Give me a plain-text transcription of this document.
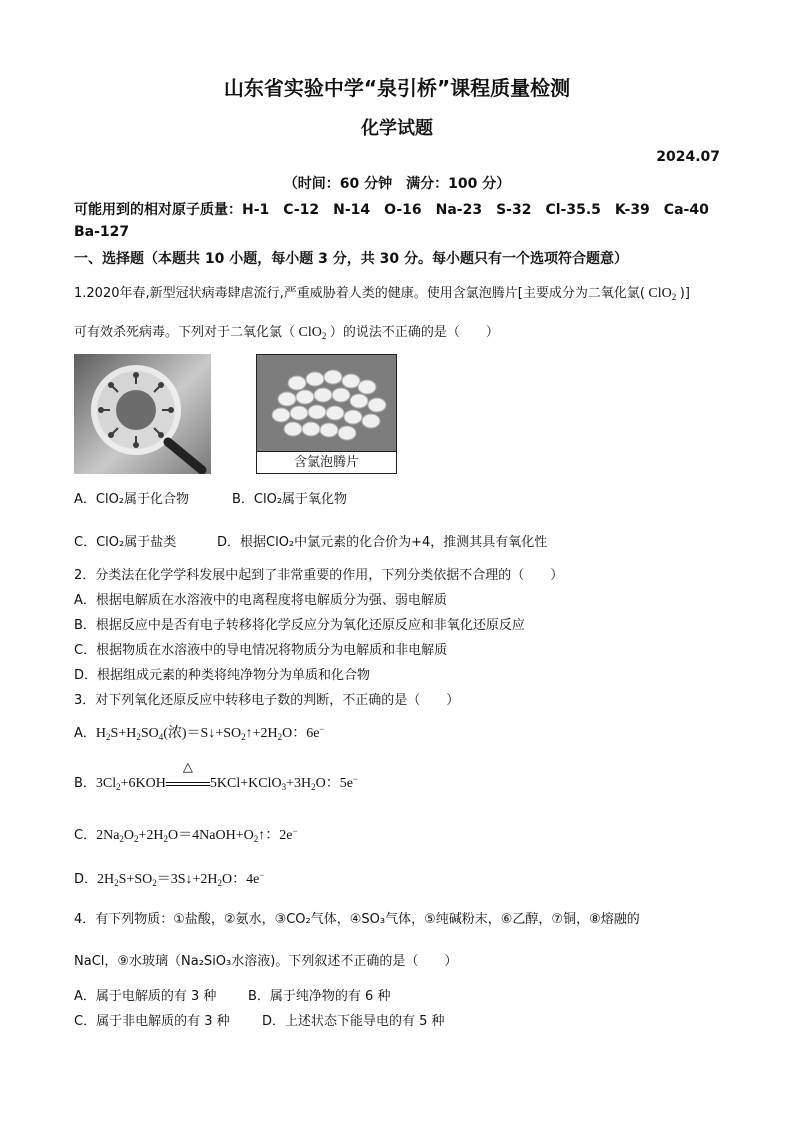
山东省实验中学“泉引桥”课程质量检测
化学试题
2024.07
（时间：60 分钟　满分：100 分）
可能用到的相对原子质量：H-1　C-12　N-14　O-16　Na-23　S-32　Cl-35.5　K-39　Ca-40
Ba-127
一、选择题（本题共 10 小题，每小题 3 分，共 30 分。每小题只有一个选项符合题意）
1.2020年春,新型冠状病毒肆虐流行,严重威胁着人类的健康。使用含氯泡腾片[主要成分为二氧化氯( ClO$_2$ )]
可有效杀死病毒。下列对于二氧化氯（ ClO$_2$ ）的说法不正确的是（　　）
含氯泡腾片
A．ClO₂属于化合物	B．ClO₂属于氧化物
C．ClO₂属于盐类	D．根据ClO₂中氯元素的化合价为+4，推测其具有氧化性
2．分类法在化学学科发展中起到了非常重要的作用，下列分类依据不合理的（　　）
A．根据电解质在水溶液中的电离程度将电解质分为强、弱电解质
B．根据反应中是否有电子转移将化学反应分为氧化还原反应和非氧化还原反应
C．根据物质在水溶液中的导电情况将物质分为电解质和非电解质
D．根据组成元素的种类将纯净物分为单质和化合物
3．对下列氧化还原反应中转移电子数的判断，不正确的是（　　）
A．$H_2S+H_2SO_4$(浓)$=S↓+SO_2↑+2H_2O$：6e−
B．$3Cl_2+6KOH$
△
$5KCl+KClO_3+3H_2O$：5e−
C．$2Na_2O_2+2H_2O=4NaOH+O_2↑$：2e−
D．$2H_2S+SO_2=3S↓+2H_2O$：4e−
4．有下列物质：①盐酸，②氨水，③CO₂气体，④SO₃气体，⑤纯碱粉末，⑥乙醇，⑦铜，⑧熔融的
NaCl，⑨水玻璃（Na₂SiO₃水溶液)。下列叙述不正确的是（　　）
A．属于电解质的有 3 种 B．属于纯净物的有 6 种
C．属于非电解质的有 3 种 D．上述状态下能导电的有 5 种
